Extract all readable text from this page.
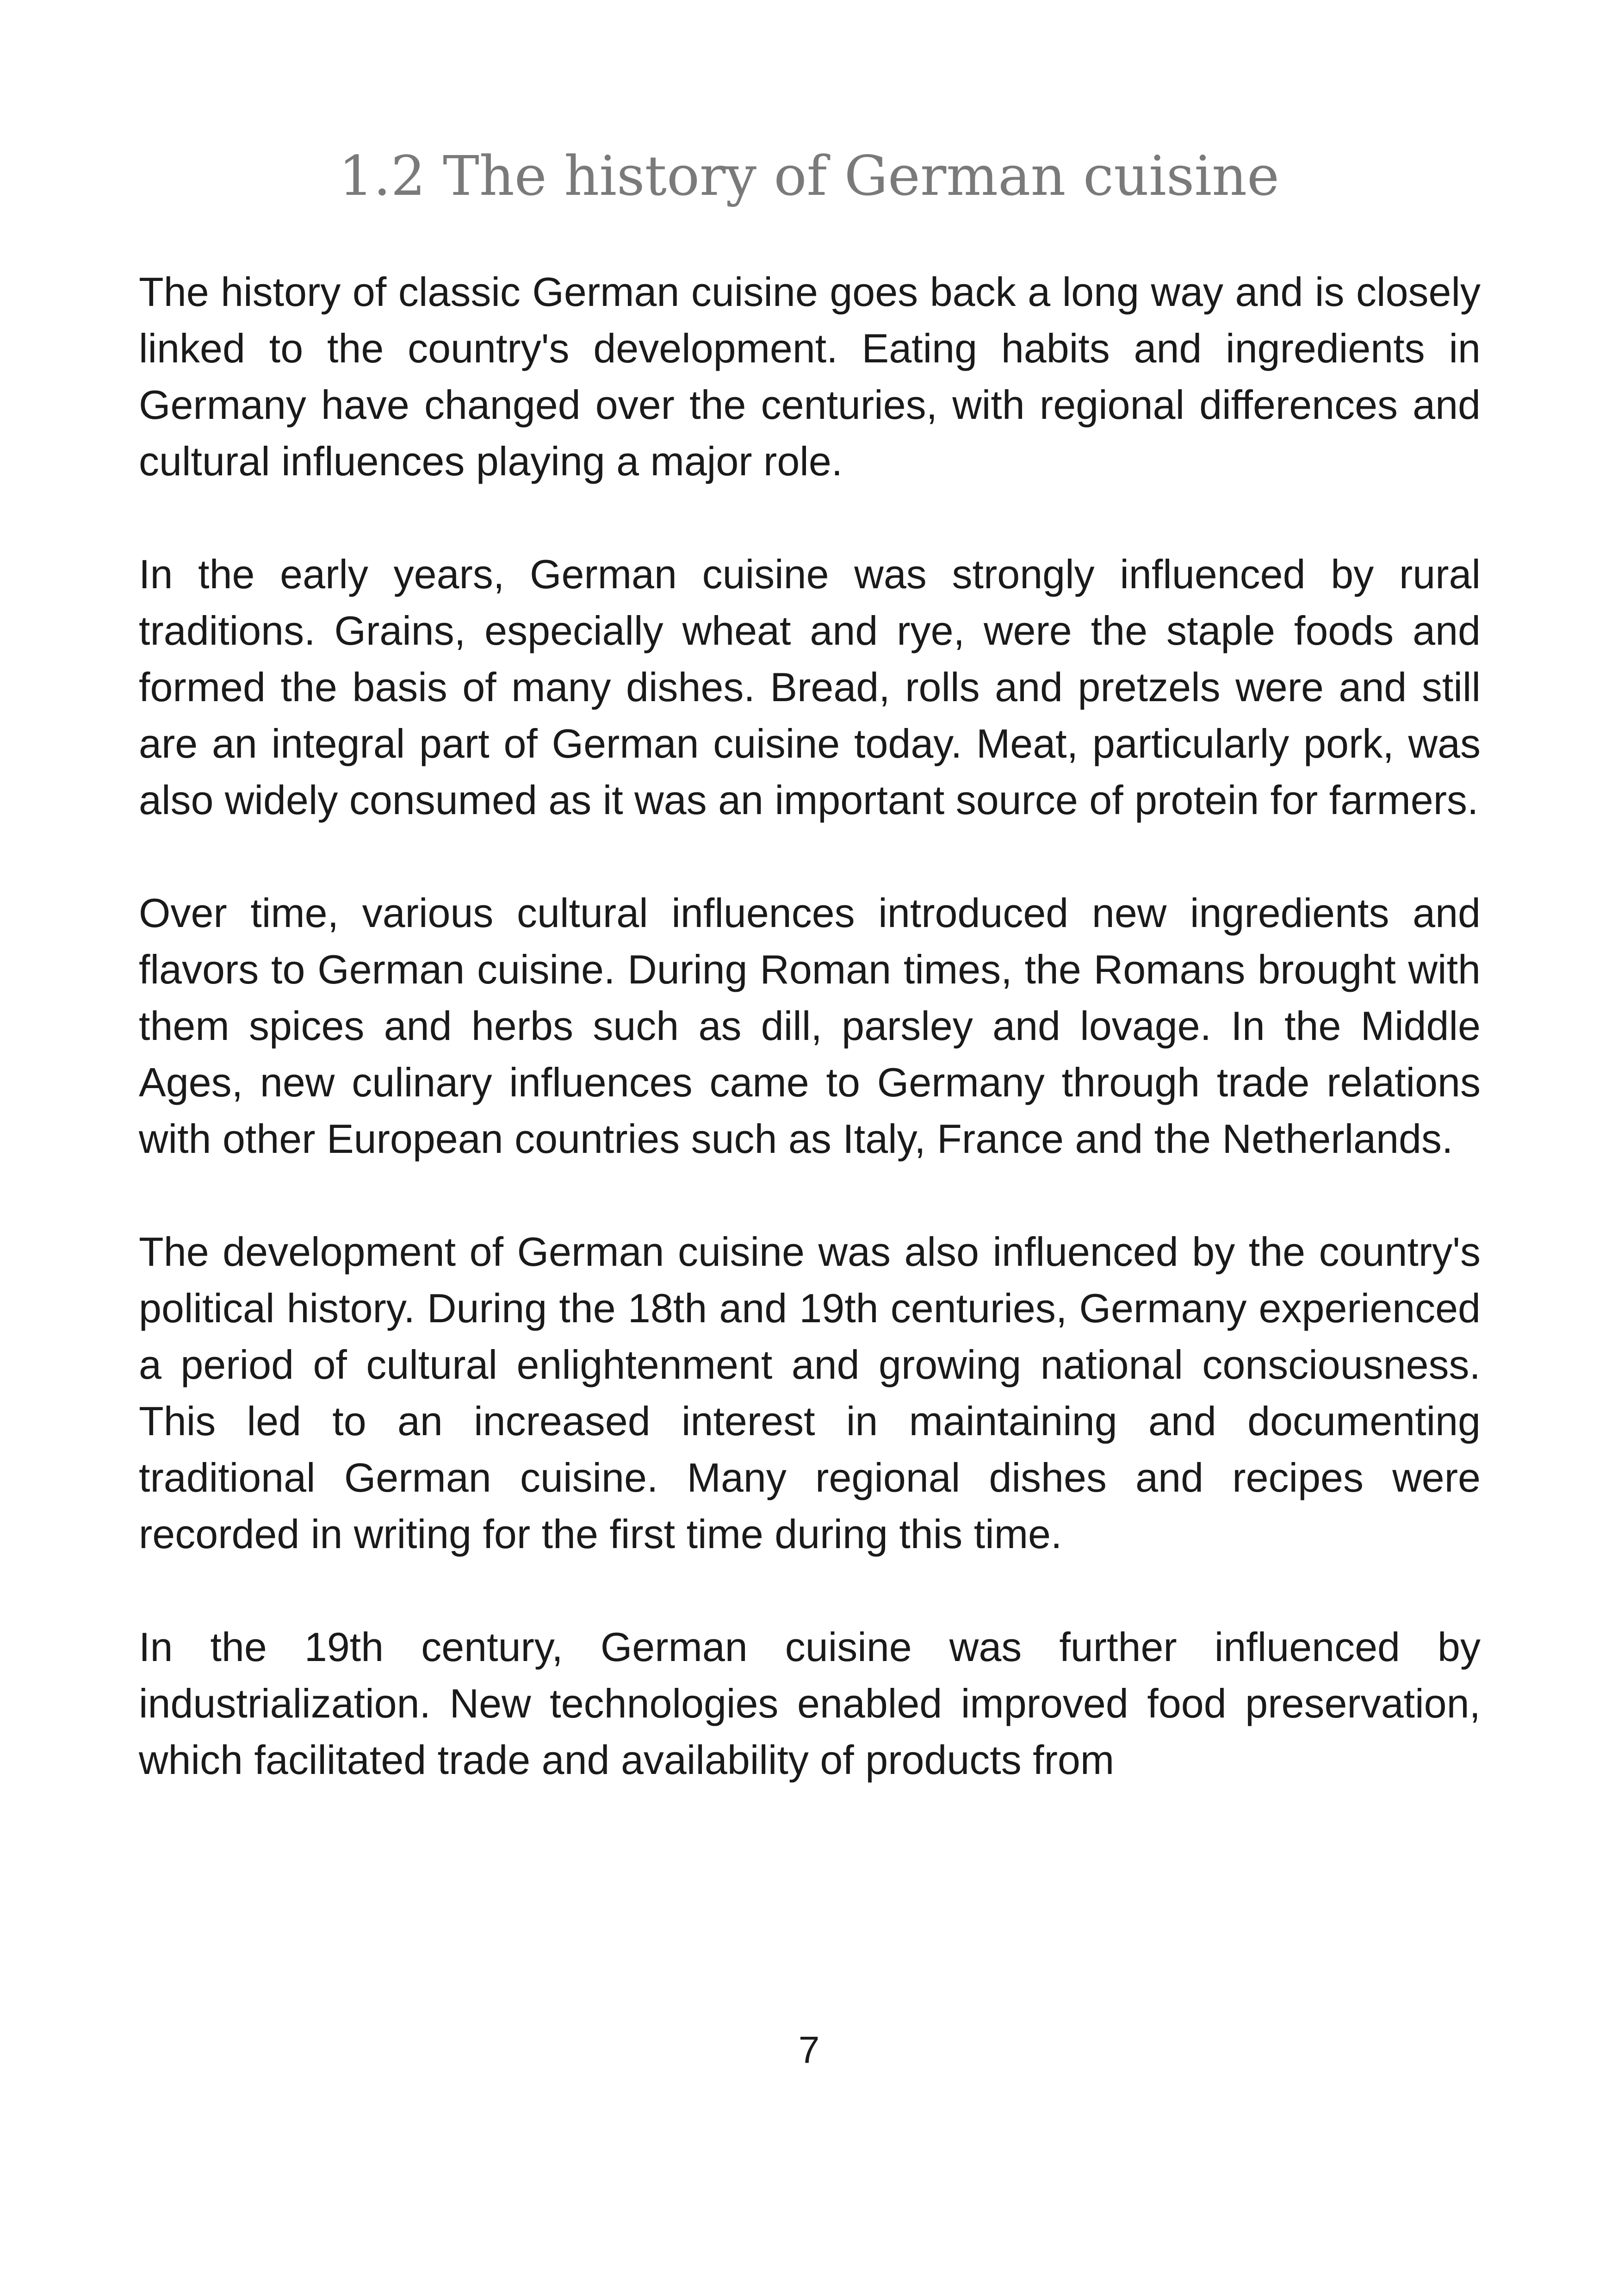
1.2 The history of German cuisine

The history of classic German cuisine goes back a long way and is closely linked to the country's development. Eating habits and ingredients in Germany have changed over the centuries, with regional differences and cultural influences playing a major role.

In the early years, German cuisine was strongly influenced by rural traditions. Grains, especially wheat and rye, were the staple foods and formed the basis of many dishes. Bread, rolls and pretzels were and still are an integral part of German cuisine today. Meat, particularly pork, was also widely consumed as it was an important source of protein for farmers.

Over time, various cultural influences introduced new ingredients and flavors to German cuisine. During Roman times, the Romans brought with them spices and herbs such as dill, parsley and lovage. In the Middle Ages, new culinary influences came to Germany through trade relations with other European countries such as Italy, France and the Netherlands.

The development of German cuisine was also influenced by the country's political history. During the 18th and 19th centuries, Germany experienced a period of cultural enlightenment and growing national consciousness. This led to an increased interest in maintaining and documenting traditional German cuisine. Many regional dishes and recipes were recorded in writing for the first time during this time.

In the 19th century, German cuisine was further influenced by industrialization. New technologies enabled improved food preservation, which facilitated trade and availability of products from

7
